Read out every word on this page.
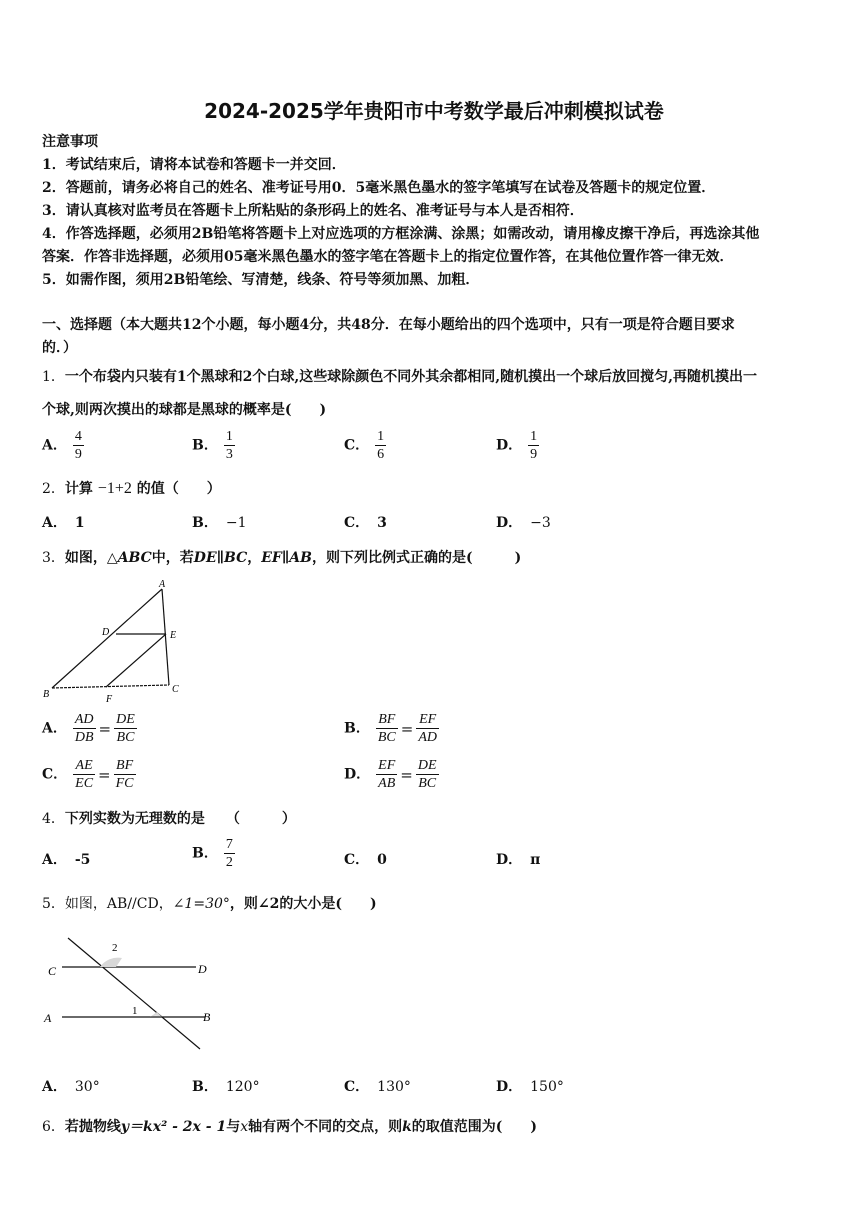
2024-2025学年贵阳市中考数学最后冲刺模拟试卷
注意事项
1．考试结束后，请将本试卷和答题卡一并交回．
2．答题前，请务必将自己的姓名、准考证号用0．5毫米黑色墨水的签字笔填写在试卷及答题卡的规定位置．
3．请认真核对监考员在答题卡上所粘贴的条形码上的姓名、准考证号与本人是否相符．
4．作答选择题，必须用2B铅笔将答题卡上对应选项的方框涂满、涂黑；如需改动，请用橡皮擦干净后，再选涂其他
答案．作答非选择题，必须用05毫米黑色墨水的签字笔在答题卡上的指定位置作答，在其他位置作答一律无效．
5．如需作图，须用2B铅笔绘、写清楚，线条、符号等须加黑、加粗．
一、选择题（本大题共12个小题，每小题4分，共48分．在每小题给出的四个选项中，只有一项是符合题目要求
的．）
1．一个布袋内只装有1个黑球和2个白球,这些球除颜色不同外其余都相同,随机摸出一个球后放回搅匀,再随机摸出一
个球,则两次摸出的球都是黑球的概率是(　　)
A． $\frac{4}{9}$	B． $\frac{1}{3}$	C． $\frac{1}{6}$	D． $\frac{1}{9}$
2．计算 −1+2 的值（　　）
A． 1	B． −1	C． 3	D． −3
3．如图，△ABC中，若DE∥BC，EF∥AB，则下列比例式正确的是(　　　)
A
D	E
B	F
C
A． $\frac{AD}{DB} = \frac{DE}{BC}$	B． $\frac{BF}{BC} = \frac{EF}{AD}$
C． $\frac{AE}{EC} = \frac{BF}{FC}$	D． $\frac{EF}{AB} = \frac{DE}{BC}$
4．下列实数为无理数的是　　（　　　）
A． -5	B． $\frac{7}{2}$	C． 0	D． π
5．如图，AB//CD，∠1=30°，则∠2的大小是(　　)
C	D
A	B
1
2
A． 30°	B． 120°	C． 130°	D． 150°
6．若抛物线y＝kx² - 2x - 1与x轴有两个不同的交点，则k的取值范围为(　　)
